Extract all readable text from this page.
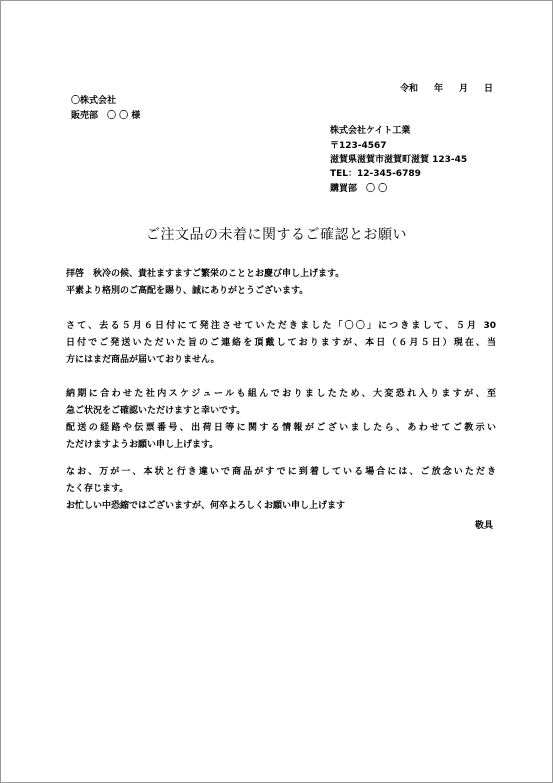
令和 年 月 日
〇株式会社
販売部　〇 〇 様
株式会社ケイト工業
〒123-4567
滋賀県滋賀市滋賀町滋賀 123-45
TEL：12-345-6789
購買部　〇 〇
ご注文品の未着に関するご確認とお願い
拝啓　秋冷の候、貴社ますますご繁栄のこととお慶び申し上げます。
平素より格別のご高配を賜り、誠にありがとうございます。
さて、去る５月６日付にて発注させていただきました「〇〇」につきまして、５月 30
日付でご発送いただいた旨のご連絡を頂戴しておりますが、本日（６月５日）現在、当
方にはまだ商品が届いておりません。
納期に合わせた社内スケジュールも組んでおりましたため、大変恐れ入りますが、至
急ご状況をご確認いただけますと幸いです。
配送の経路や伝票番号、出荷日等に関する情報がございましたら、あわせてご教示い
ただけますようお願い申し上げます。
なお、万が一、本状と行き違いで商品がすでに到着している場合には、ご放念いただき
たく存じます。
お忙しい中恐縮ではございますが、何卒よろしくお願い申し上げます
敬具
